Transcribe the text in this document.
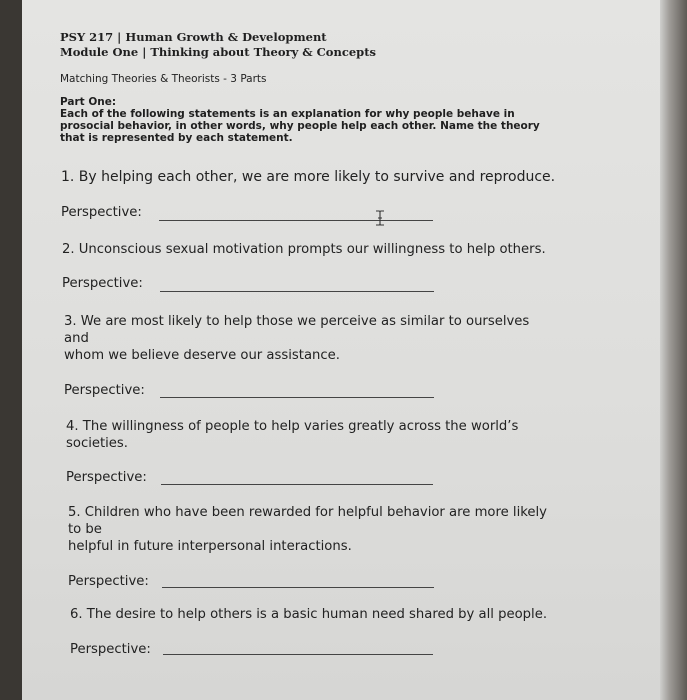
PSY 217 | Human Growth & Development
Module One | Thinking about Theory & Concepts
Matching Theories & Theorists - 3 Parts
Part One:
Each of the following statements is an explanation for why people behave in prosocial behavior, in other words, why people help each other. Name the theory that is represented by each statement.
1. By helping each other, we are more likely to survive and reproduce.
Perspective:
2. Unconscious sexual motivation prompts our willingness to help others.
Perspective:
3. We are most likely to help those we perceive as similar to ourselves
and
whom we believe deserve our assistance.
Perspective:
4. The willingness of people to help varies greatly across the world’s
societies.
Perspective:
5. Children who have been rewarded for helpful behavior are more likely
to be
helpful in future interpersonal interactions.
Perspective:
6. The desire to help others is a basic human need shared by all people.
Perspective:
